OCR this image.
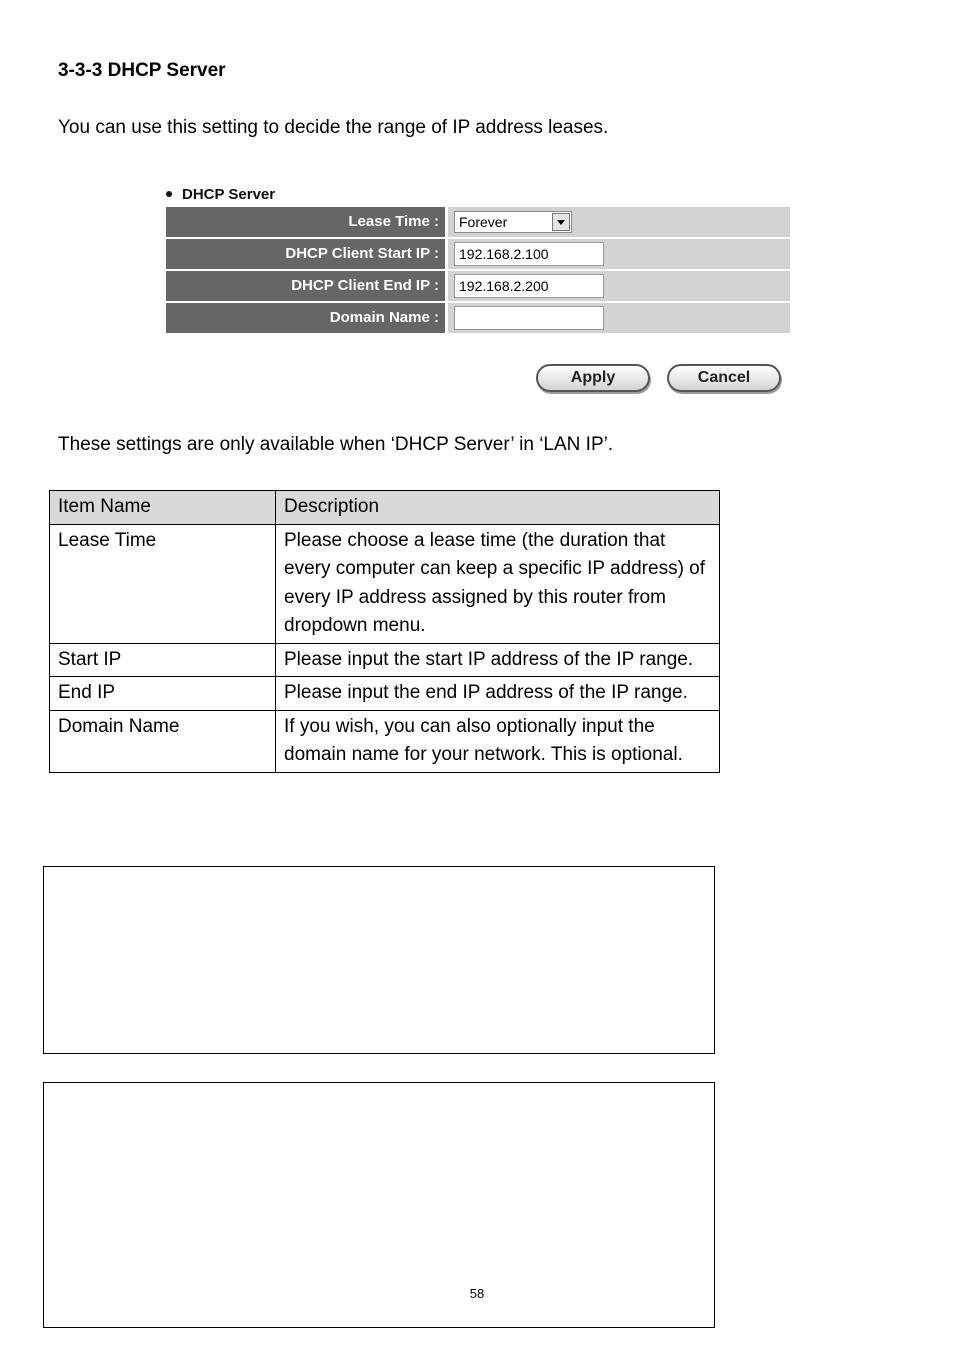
3-3-3 DHCP Server

You can use this setting to decide the range of IP address leases.

DHCP Server
Lease Time :	Forever
DHCP Client Start IP :
192.168.2.100
DHCP Client End IP :
192.168.2.200
Domain Name :
Apply	Cancel

These settings are only available when ‘DHCP Server’ in ‘LAN IP’.

Item Name	Description
Lease Time	Please choose a lease time (the duration that every computer can keep a specific IP address) of every IP address assigned by this router from dropdown menu.
Start IP	Please input the start IP address of the IP range.
End IP	Please input the end IP address of the IP range.
Domain Name	If you wish, you can also optionally input the domain name for your network. This is optional.
58
